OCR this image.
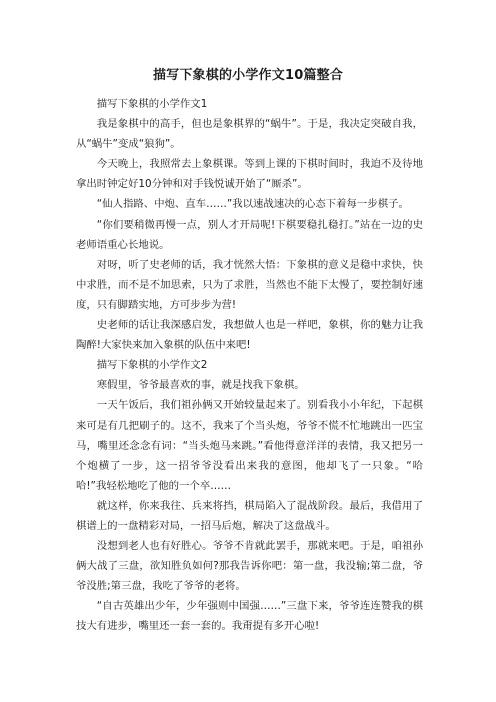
描写下象棋的小学作文10篇整合

描写下象棋的小学作文1

我是象棋中的高手，但也是象棋界的“蜗牛”。于是，我决定突破自我，从“蜗牛”变成“狼狗”。

今天晚上，我照常去上象棋课。等到上课的下棋时间时，我迫不及待地拿出时钟定好10分钟和对手钱悦诚开始了“厮杀”。

“仙人指路、中炮、直车……”我以速战速决的心态下着每一步棋子。

“你们要稍微再慢一点，别人才开局呢!下棋要稳扎稳打。”站在一边的史老师语重心长地说。

对呀，听了史老师的话，我才恍然大悟：下象棋的意义是稳中求快，快中求胜，而不是不加思索，只为了求胜，当然也不能下太慢了，要控制好速度，只有脚踏实地，方可步步为营!

史老师的话让我深感启发，我想做人也是一样吧，象棋，你的魅力让我陶醉!大家快来加入象棋的队伍中来吧!

描写下象棋的小学作文2

寒假里，爷爷最喜欢的事，就是找我下象棋。

一天午饭后，我们祖孙俩又开始较量起来了。别看我小小年纪，下起棋来可是有几把刷子的。这不，我来了个当头炮，爷爷不慌不忙地跳出一匹宝马，嘴里还念念有词：“当头炮马来跳。”看他得意洋洋的表情，我又把另一个炮横了一步，这一招爷爷没看出来我的意图，他却飞了一只象。“哈哈!”我轻松地吃了他的一个卒……

就这样，你来我往、兵来将挡，棋局陷入了混战阶段。最后，我借用了棋谱上的一盘精彩对局，一招马后炮，解决了这盘战斗。

没想到老人也有好胜心。爷爷不肯就此罢手，那就来吧。于是，咱祖孙俩大战了三盘，欲知胜负如何?那我告诉你吧：第一盘，我没输;第二盘，爷爷没胜;第三盘，我吃了爷爷的老将。

“自古英雄出少年，少年强则中国强……”三盘下来，爷爷连连赞我的棋技大有进步，嘴里还一套一套的。我甭提有多开心啦!
